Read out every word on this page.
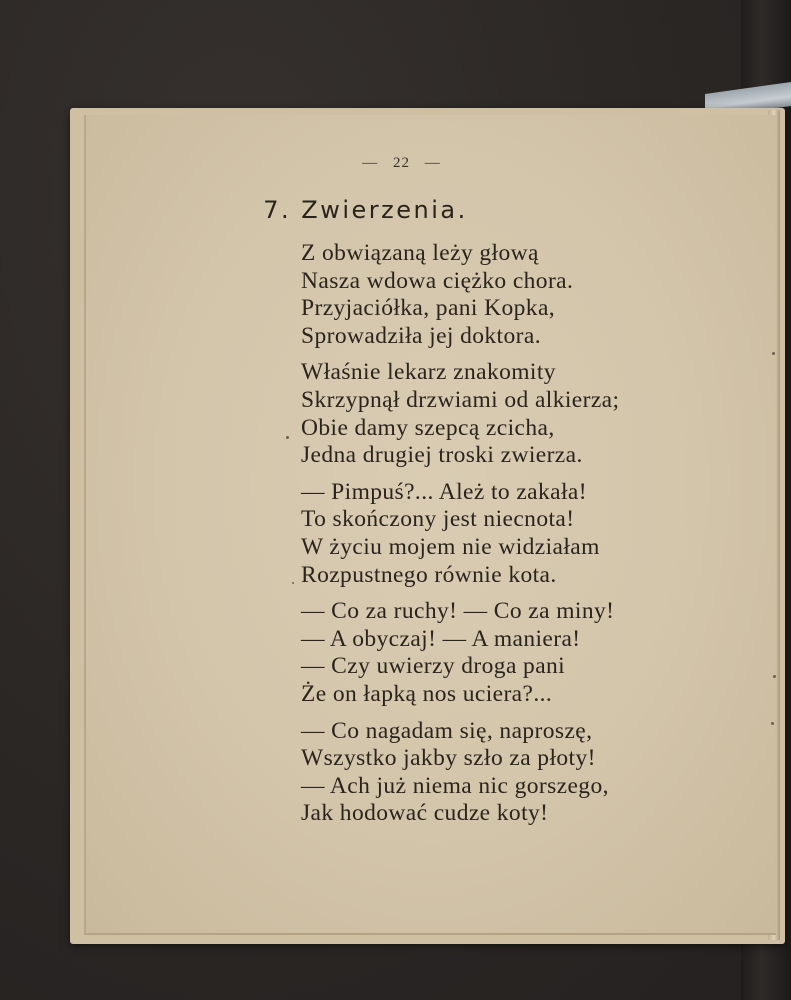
— 22 —
7. Zwierzenia.
Z obwiązaną leży głową
Nasza wdowa ciężko chora.
Przyjaciółka, pani Kopka,
Sprowadziła jej doktora.
Właśnie lekarz znakomity
Skrzypnął drzwiami od alkierza;
Obie damy szepcą zcicha,
Jedna drugiej troski zwierza.
— Pimpuś?... Ależ to zakała!
To skończony jest niecnota!
W życiu mojem nie widziałam
Rozpustnego równie kota.
— Co za ruchy! — Co za miny!
— A obyczaj! — A maniera!
— Czy uwierzy droga pani
Że on łapką nos uciera?...
— Co nagadam się, naproszę,
Wszystko jakby szło za płoty!
— Ach już niema nic gorszego,
Jak hodować cudze koty!
